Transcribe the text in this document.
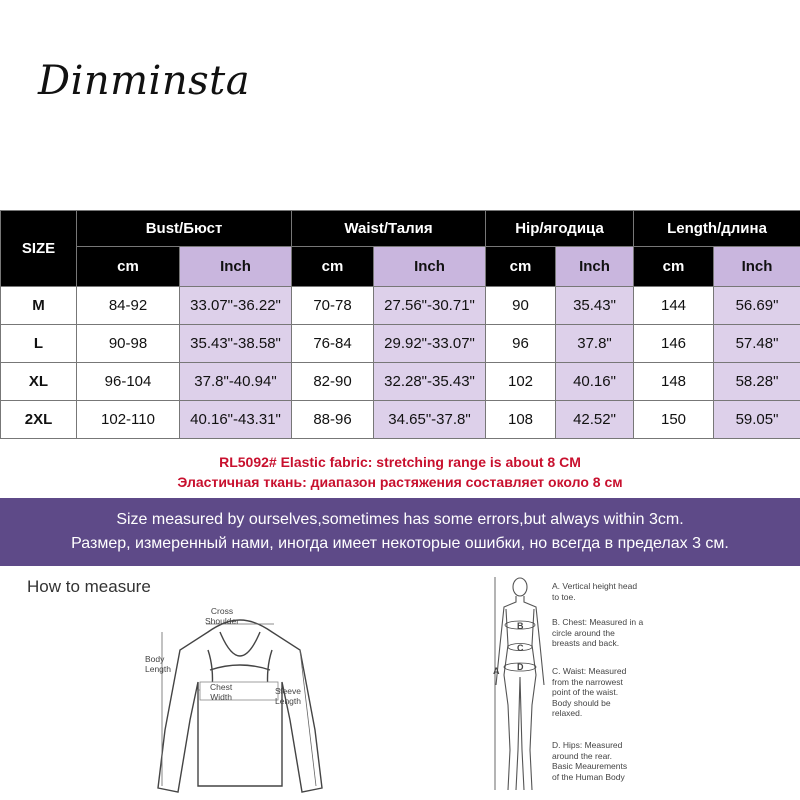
Dinminsta
SIZE	Bust/Бюст		Waist/Талия		Hip/ягодица		Length/длина	
	cm	Inch	cm	Inch	cm	Inch	cm	Inch
M	84-92	33.07"-36.22"	70-78	27.56"-30.71"	90	35.43"	144	56.69"
L	90-98	35.43"-38.58"	76-84	29.92"-33.07"	96	37.8"	146	57.48"
XL	96-104	37.8"-40.94"	82-90	32.28"-35.43"	102	40.16"	148	58.28"
2XL	102-110	40.16"-43.31"	88-96	34.65"-37.8"	108	42.52"	150	59.05"
RL5092# Elastic fabric: stretching range is about 8 CM
Эластичная ткань: диапазон растяжения составляет около 8 см
Size measured by ourselves,sometimes has some errors,but always within 3cm.
Размер, измеренный нами, иногда имеет некоторые ошибки, но всегда в пределах 3 см.
How to measure
Cross
Shoulder
Body
Length
Chest
Width
Sleeve
Length
A
B
C
D
A. Vertical height head
to toe.
B. Chest: Measured in a
circle around the
breasts and back.
C. Waist: Measured
from the narrowest
point of the waist.
Body should be
relaxed.
D. Hips: Measured
around the rear.
Basic Meaurements
of the Human Body
